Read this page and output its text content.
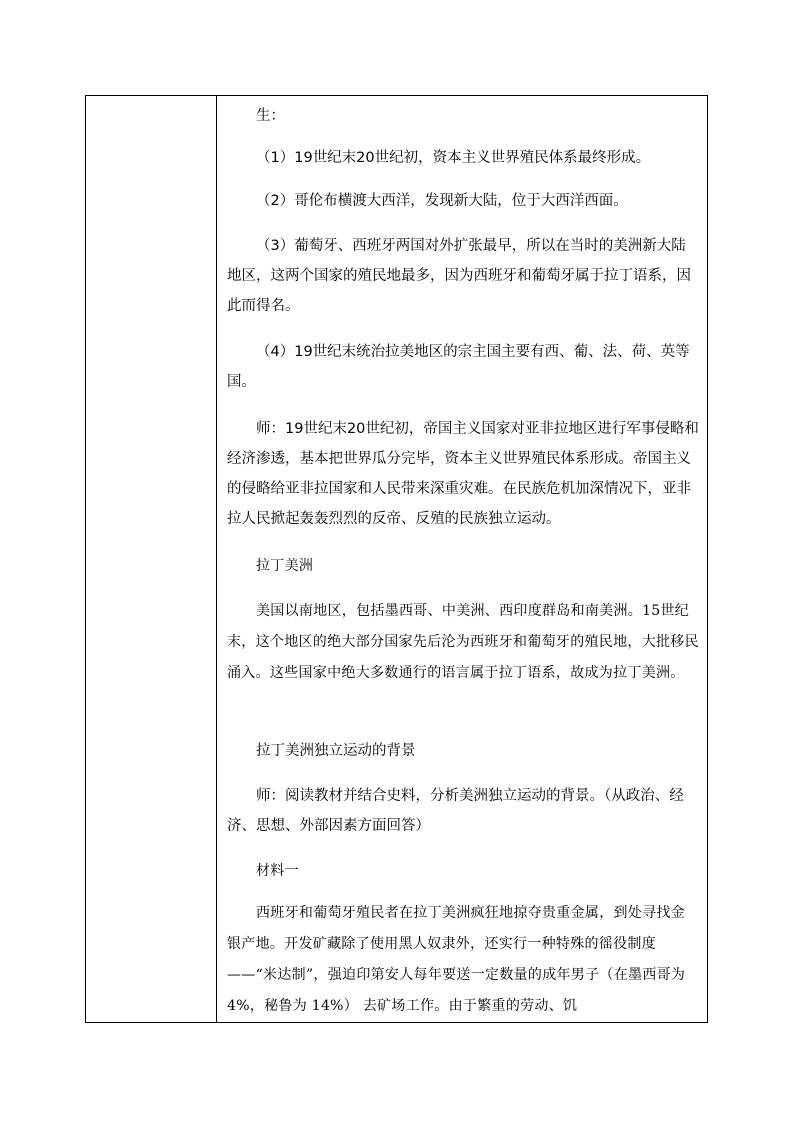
生：

（1）19世纪末20世纪初，资本主义世界殖民体系最终形成。

（2）哥伦布横渡大西洋，发现新大陆，位于大西洋西面。

（3）葡萄牙、西班牙两国对外扩张最早，所以在当时的美洲新大陆地区，这两个国家的殖民地最多，因为西班牙和葡萄牙属于拉丁语系，因此而得名。

（4）19世纪末统治拉美地区的宗主国主要有西、葡、法、荷、英等国。

师：19世纪末20世纪初，帝国主义国家对亚非拉地区进行军事侵略和经济渗透，基本把世界瓜分完毕，资本主义世界殖民体系形成。帝国主义的侵略给亚非拉国家和人民带来深重灾难。在民族危机加深情况下，亚非拉人民掀起轰轰烈烈的反帝、反殖的民族独立运动。

拉丁美洲

美国以南地区，包括墨西哥、中美洲、西印度群岛和南美洲。15世纪末，这个地区的绝大部分国家先后沦为西班牙和葡萄牙的殖民地，大批移民涌入。这些国家中绝大多数通行的语言属于拉丁语系，故成为拉丁美洲。

拉丁美洲独立运动的背景

师：阅读教材并结合史料，分析美洲独立运动的背景。（从政治、经济、思想、外部因素方面回答）

材料一

西班牙和葡萄牙殖民者在拉丁美洲疯狂地掠夺贵重金属，到处寻找金银产地。开发矿藏除了使用黑人奴隶外，还实行一种特殊的徭役制度——“米达制”，强迫印第安人每年要送一定数量的成年男子（在墨西哥为4%，秘鲁为 14%） 去矿场工作。由于繁重的劳动、饥
